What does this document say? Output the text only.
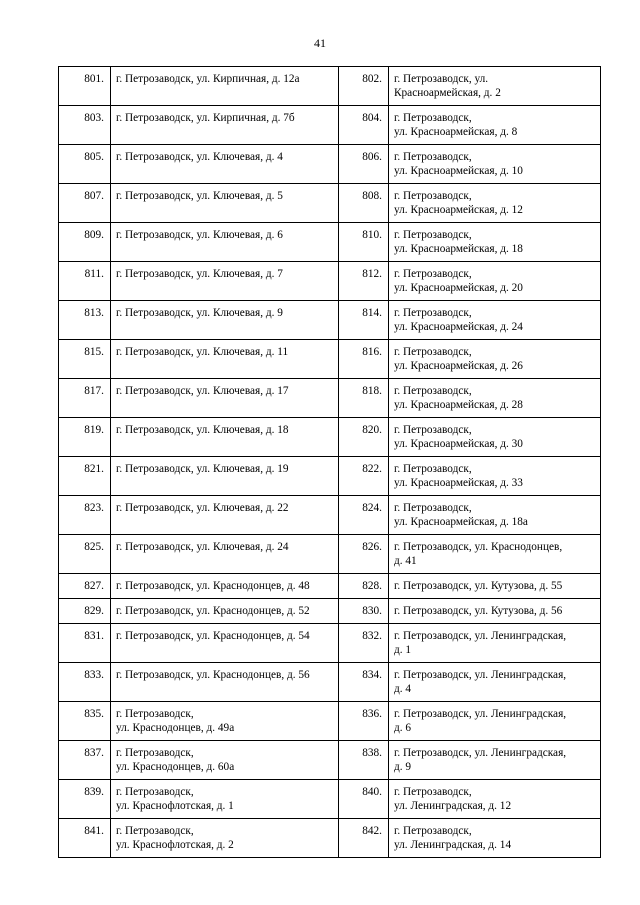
41
801.	г. Петрозаводск, ул. Кирпичная, д. 12а	802.	г. Петрозаводск, ул.
Красноармейская, д. 2

803.	г. Петрозаводск, ул. Кирпичная, д. 7б	804.	г. Петрозаводск,
ул. Красноармейская, д. 8

805.	г. Петрозаводск, ул. Ключевая, д. 4	806.	г. Петрозаводск,
ул. Красноармейская, д. 10

807.	г. Петрозаводск, ул. Ключевая, д. 5	808.	г. Петрозаводск,
ул. Красноармейская, д. 12

809.	г. Петрозаводск, ул. Ключевая, д. 6	810.	г. Петрозаводск,
ул. Красноармейская, д. 18

811.	г. Петрозаводск, ул. Ключевая, д. 7	812.	г. Петрозаводск,
ул. Красноармейская, д. 20

813.	г. Петрозаводск, ул. Ключевая, д. 9	814.	г. Петрозаводск,
ул. Красноармейская, д. 24

815.	г. Петрозаводск, ул. Ключевая, д. 11	816.	г. Петрозаводск,
ул. Красноармейская, д. 26

817.	г. Петрозаводск, ул. Ключевая, д. 17	818.	г. Петрозаводск,
ул. Красноармейская, д. 28

819.	г. Петрозаводск, ул. Ключевая, д. 18	820.	г. Петрозаводск,
ул. Красноармейская, д. 30

821.	г. Петрозаводск, ул. Ключевая, д. 19	822.	г. Петрозаводск,
ул. Красноармейская, д. 33

823.	г. Петрозаводск, ул. Ключевая, д. 22	824.	г. Петрозаводск,
ул. Красноармейская, д. 18а

825.	г. Петрозаводск, ул. Ключевая, д. 24	826.	г. Петрозаводск, ул. Краснодонцев,
д. 41

827.	г. Петрозаводск, ул. Краснодонцев, д. 48	828.	г. Петрозаводск, ул. Кутузова, д. 55

829.	г. Петрозаводск, ул. Краснодонцев, д. 52	830.	г. Петрозаводск, ул. Кутузова, д. 56

831.	г. Петрозаводск, ул. Краснодонцев, д. 54	832.	г. Петрозаводск, ул. Ленинградская,
д. 1

833.	г. Петрозаводск, ул. Краснодонцев, д. 56	834.	г. Петрозаводск, ул. Ленинградская,
д. 4

835.	г. Петрозаводск,
ул. Краснодонцев, д. 49а	836.	г. Петрозаводск, ул. Ленинградская,
д. 6

837.	г. Петрозаводск,
ул. Краснодонцев, д. 60а	838.	г. Петрозаводск, ул. Ленинградская,
д. 9

839.	г. Петрозаводск,
ул. Краснофлотская, д. 1	840.	г. Петрозаводск,
ул. Ленинградская, д. 12

841.	г. Петрозаводск,
ул. Краснофлотская, д. 2	842.	г. Петрозаводск,
ул. Ленинградская, д. 14
